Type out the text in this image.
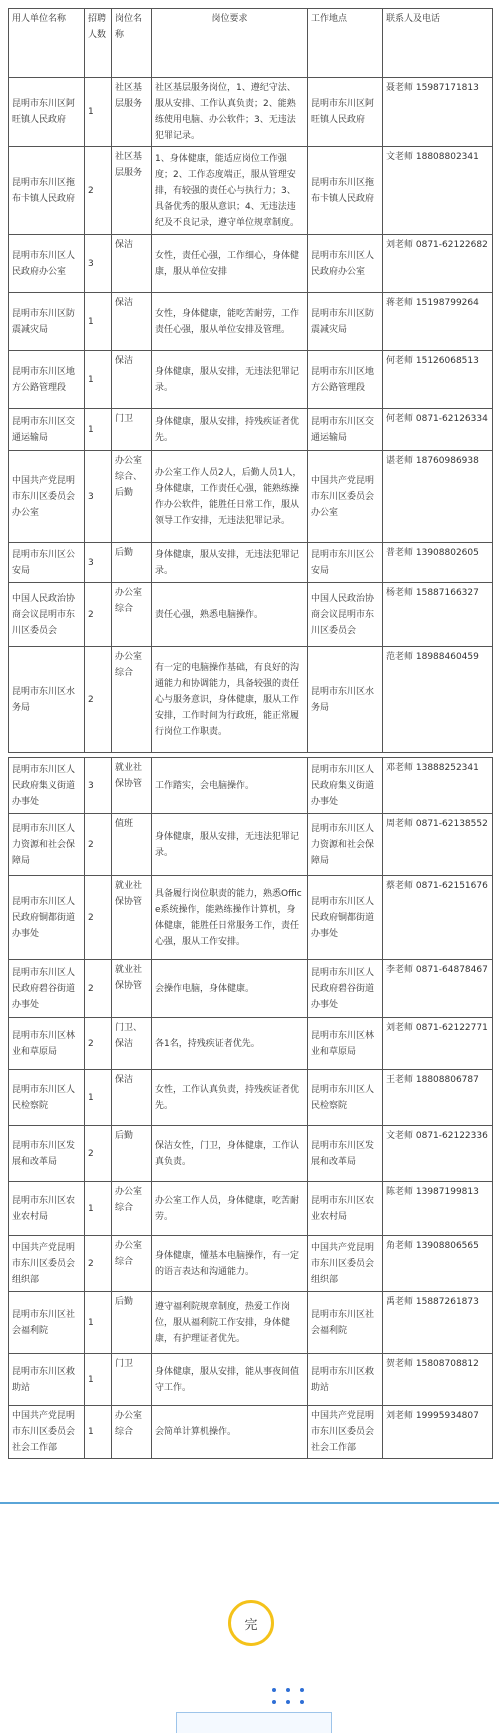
用人单位名称	招聘人数	岗位名称	岗位要求	工作地点	联系人及电话
昆明市东川区阿旺镇人民政府	1	社区基层服务	社区基层服务岗位，1、遵纪守法、服从安排、工作认真负责；2、能熟练使用电脑、办公软件；3、无违法犯罪记录。	昆明市东川区阿旺镇人民政府	聂老师 15987171813
昆明市东川区拖布卡镇人民政府	2	社区基层服务	1、身体健康，能适应岗位工作强度；2、工作态度端正，服从管理安排，有较强的责任心与执行力；3、具备优秀的服从意识；4、无违法违纪及不良记录，遵守单位规章制度。	昆明市东川区拖布卡镇人民政府	文老师 18808802341
昆明市东川区人民政府办公室	3	保洁	女性，责任心强，工作细心，身体健康，服从单位安排	昆明市东川区人民政府办公室	刘老师 0871-62122682
昆明市东川区防震减灾局	1	保洁	女性，身体健康，能吃苦耐劳，工作责任心强，服从单位安排及管理。	昆明市东川区防震减灾局	蒋老师 15198799264
昆明市东川区地方公路管理段	1	保洁	身体健康，服从安排，无违法犯罪记录。	昆明市东川区地方公路管理段	何老师 15126068513
昆明市东川区交通运输局	1	门卫	身体健康，服从安排，持残疾证者优先。	昆明市东川区交通运输局	何老师 0871-62126334
中国共产党昆明市东川区委员会办公室	3	办公室综合、后勤	办公室工作人员2人，后勤人员1人，身体健康，工作责任心强，能熟练操作办公软件，能胜任日常工作，服从领导工作安排，无违法犯罪记录。	中国共产党昆明市东川区委员会办公室	谌老师 18760986938
昆明市东川区公安局	3	后勤	身体健康，服从安排，无违法犯罪记录。	昆明市东川区公安局	普老师 13908802605
中国人民政治协商会议昆明市东川区委员会	2	办公室综合	责任心强，熟悉电脑操作。	中国人民政治协商会议昆明市东川区委员会	杨老师 15887166327
昆明市东川区水务局	2	办公室综合	有一定的电脑操作基础，有良好的沟通能力和协调能力，具备较强的责任心与服务意识，身体健康，服从工作安排，工作时间为行政班，能正常履行岗位工作职责。	昆明市东川区水务局	范老师 18988460459

昆明市东川区人民政府集义街道办事处	3	就业社保协管	工作踏实，会电脑操作。	昆明市东川区人民政府集义街道办事处	邓老师 13888252341
昆明市东川区人力资源和社会保障局	2	值班	身体健康，服从安排，无违法犯罪记录。	昆明市东川区人力资源和社会保障局	周老师 0871-62138552
昆明市东川区人民政府铜都街道办事处	2	就业社保协管	具备履行岗位职责的能力，熟悉Office系统操作，能熟练操作计算机，身体健康，能胜任日常服务工作，责任心强，服从工作安排。	昆明市东川区人民政府铜都街道办事处	蔡老师 0871-62151676
昆明市东川区人民政府碧谷街道办事处	2	就业社保协管	会操作电脑，身体健康。	昆明市东川区人民政府碧谷街道办事处	李老师 0871-64878467
昆明市东川区林业和草原局	2	门卫、保洁	各1名，持残疾证者优先。	昆明市东川区林业和草原局	刘老师 0871-62122771
昆明市东川区人民检察院	1	保洁	女性，工作认真负责，持残疾证者优先。	昆明市东川区人民检察院	王老师 18808806787
昆明市东川区发展和改革局	2	后勤	保洁女性，门卫，身体健康，工作认真负责。	昆明市东川区发展和改革局	文老师 0871-62122336
昆明市东川区农业农村局	1	办公室综合	办公室工作人员，身体健康，吃苦耐劳。	昆明市东川区农业农村局	陈老师 13987199813
中国共产党昆明市东川区委员会组织部	2	办公室综合	身体健康，懂基本电脑操作，有一定的语言表达和沟通能力。	中国共产党昆明市东川区委员会组织部	角老师 13908806565
昆明市东川区社会福利院	1	后勤	遵守福利院规章制度，热爱工作岗位，服从福利院工作安排，身体健康，有护理证者优先。	昆明市东川区社会福利院	禹老师 15887261873
昆明市东川区救助站	1	门卫	身体健康，服从安排，能从事夜间值守工作。	昆明市东川区救助站	贺老师 15808708812
中国共产党昆明市东川区委员会社会工作部	1	办公室综合	会简单计算机操作。	中国共产党昆明市东川区委员会社会工作部	刘老师 19995934807
完
